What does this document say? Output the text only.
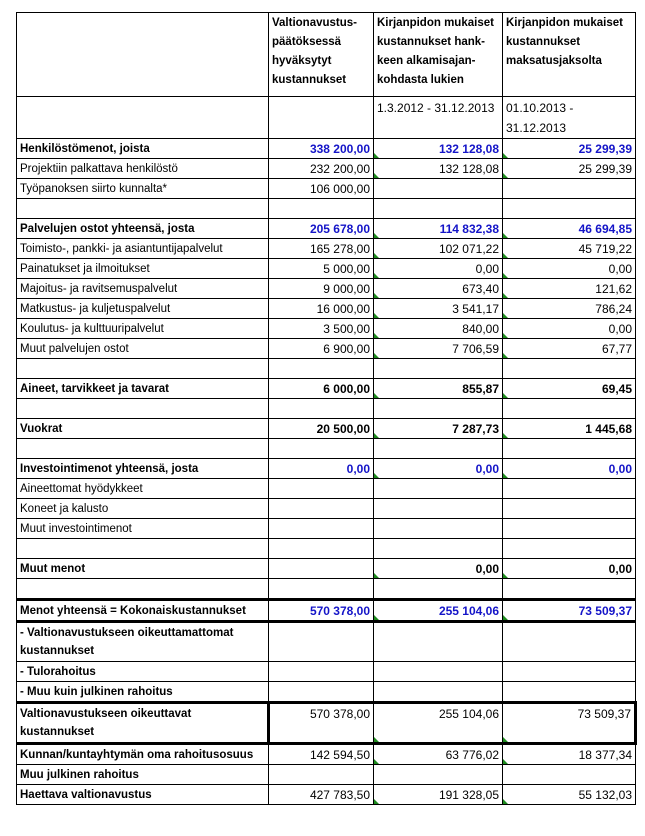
	Valtionavustus-päätöksessä hyväksytyt kustannukset	Kirjanpidon mukaiset kustannukset hank-keen alkamisajan-kohdasta lukien	Kirjanpidon mukaiset kustannukset maksatusjaksolta
		1.3.2012 - 31.12.2013	01.10.2013 - 31.12.2013
Henkilöstömenot, joista	338 200,00	132 128,08	25 299,39

Projektiin palkattava henkilöstö	232 200,00	132 128,08	25 299,39

Työpanoksen siirto kunnalta*	106 000,00		

Palvelujen ostot yhteensä, josta	205 678,00	114 832,38	46 694,85

Toimisto-, pankki- ja asiantuntijapalvelut	165 278,00	102 071,22	45 719,22

Painatukset ja ilmoitukset	5 000,00	0,00	0,00

Majoitus- ja ravitsemuspalvelut	9 000,00	673,40	121,62

Matkustus- ja kuljetuspalvelut	16 000,00	3 541,17	786,24

Koulutus- ja kulttuuripalvelut	3 500,00	840,00	0,00

Muut palvelujen ostot	6 900,00	7 706,59	67,77

Aineet, tarvikkeet ja tavarat	6 000,00	855,87	69,45

Vuokrat	20 500,00	7 287,73	1 445,68

Investointimenot yhteensä, josta	0,00	0,00	0,00

Aineettomat hyödykkeet			
Koneet ja kalusto			
Muut investointimenot			

Muut menot		0,00	0,00

Menot yhteensä = Kokonaiskustannukset	570 378,00	255 104,06	73 509,37

- Valtionavustukseen oikeuttamattomat kustannukset			
- Tulorahoitus			
- Muu kuin julkinen rahoitus			
Valtionavustukseen oikeuttavat kustannukset	570 378,00	255 104,06	73 509,37

Kunnan/kuntayhtymän oma rahoitusosuus	142 594,50	63 776,02	18 377,34

Muu julkinen rahoitus			
Haettava valtionavustus	427 783,50	191 328,05	55 132,03
